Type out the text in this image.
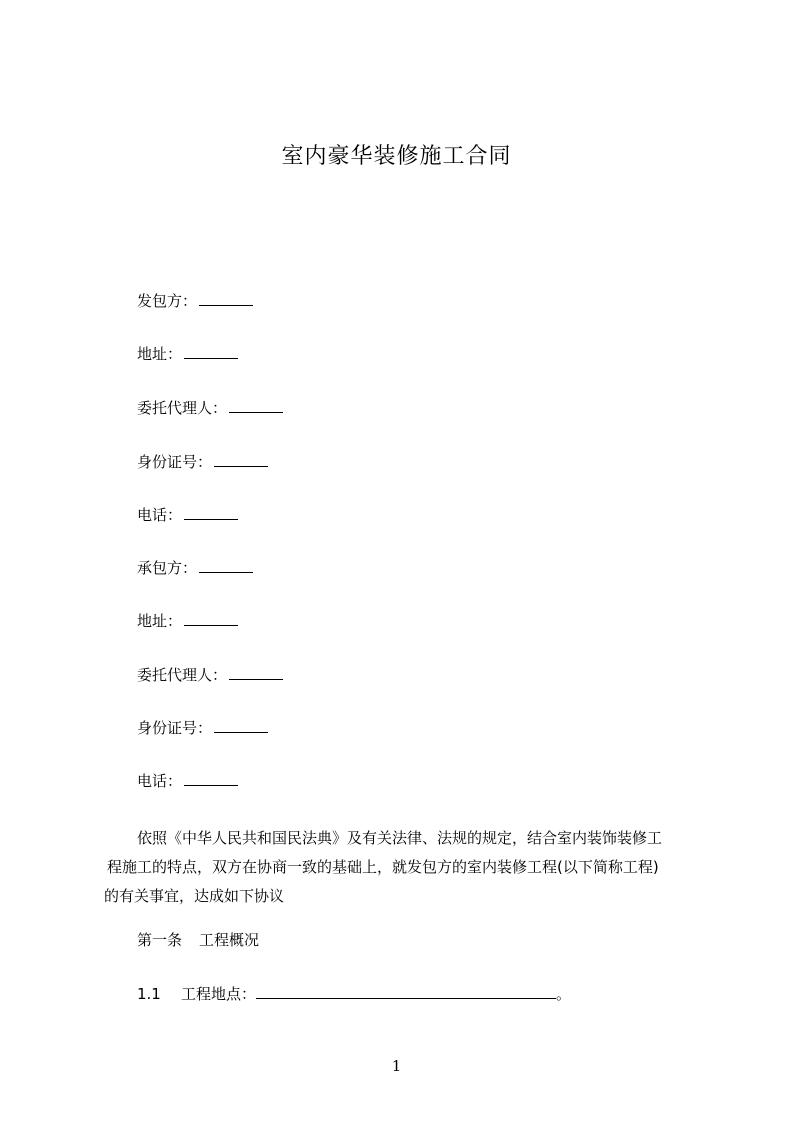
室内豪华装修施工合同
发包方：
地址：
委托代理人：
身份证号：
电话：
承包方：
地址：
委托代理人：
身份证号：
电话：
依照《中华人民共和国民法典》及有关法律、法规的规定，结合室内装饰装修工
程施工的特点，双方在协商一致的基础上，就发包方的室内装修工程(以下简称工程)
的有关事宜，达成如下协议
第一条 工程概况
1.1 工程地点：	。
1
